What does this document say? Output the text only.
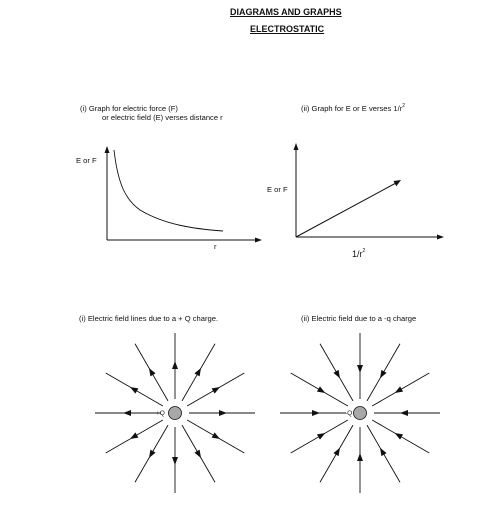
DIAGRAMS AND GRAPHS
ELECTROSTATIC
(i) Graph for electric force (F)
or electric field (E) verses distance r
(ii) Graph for E or E verses $1/r^2$
E or F
r
E or F
$1/r^2$
(i) Electric field lines due to a + Q charge.	(ii) Electric field due to a -q charge
+Q	-Q
